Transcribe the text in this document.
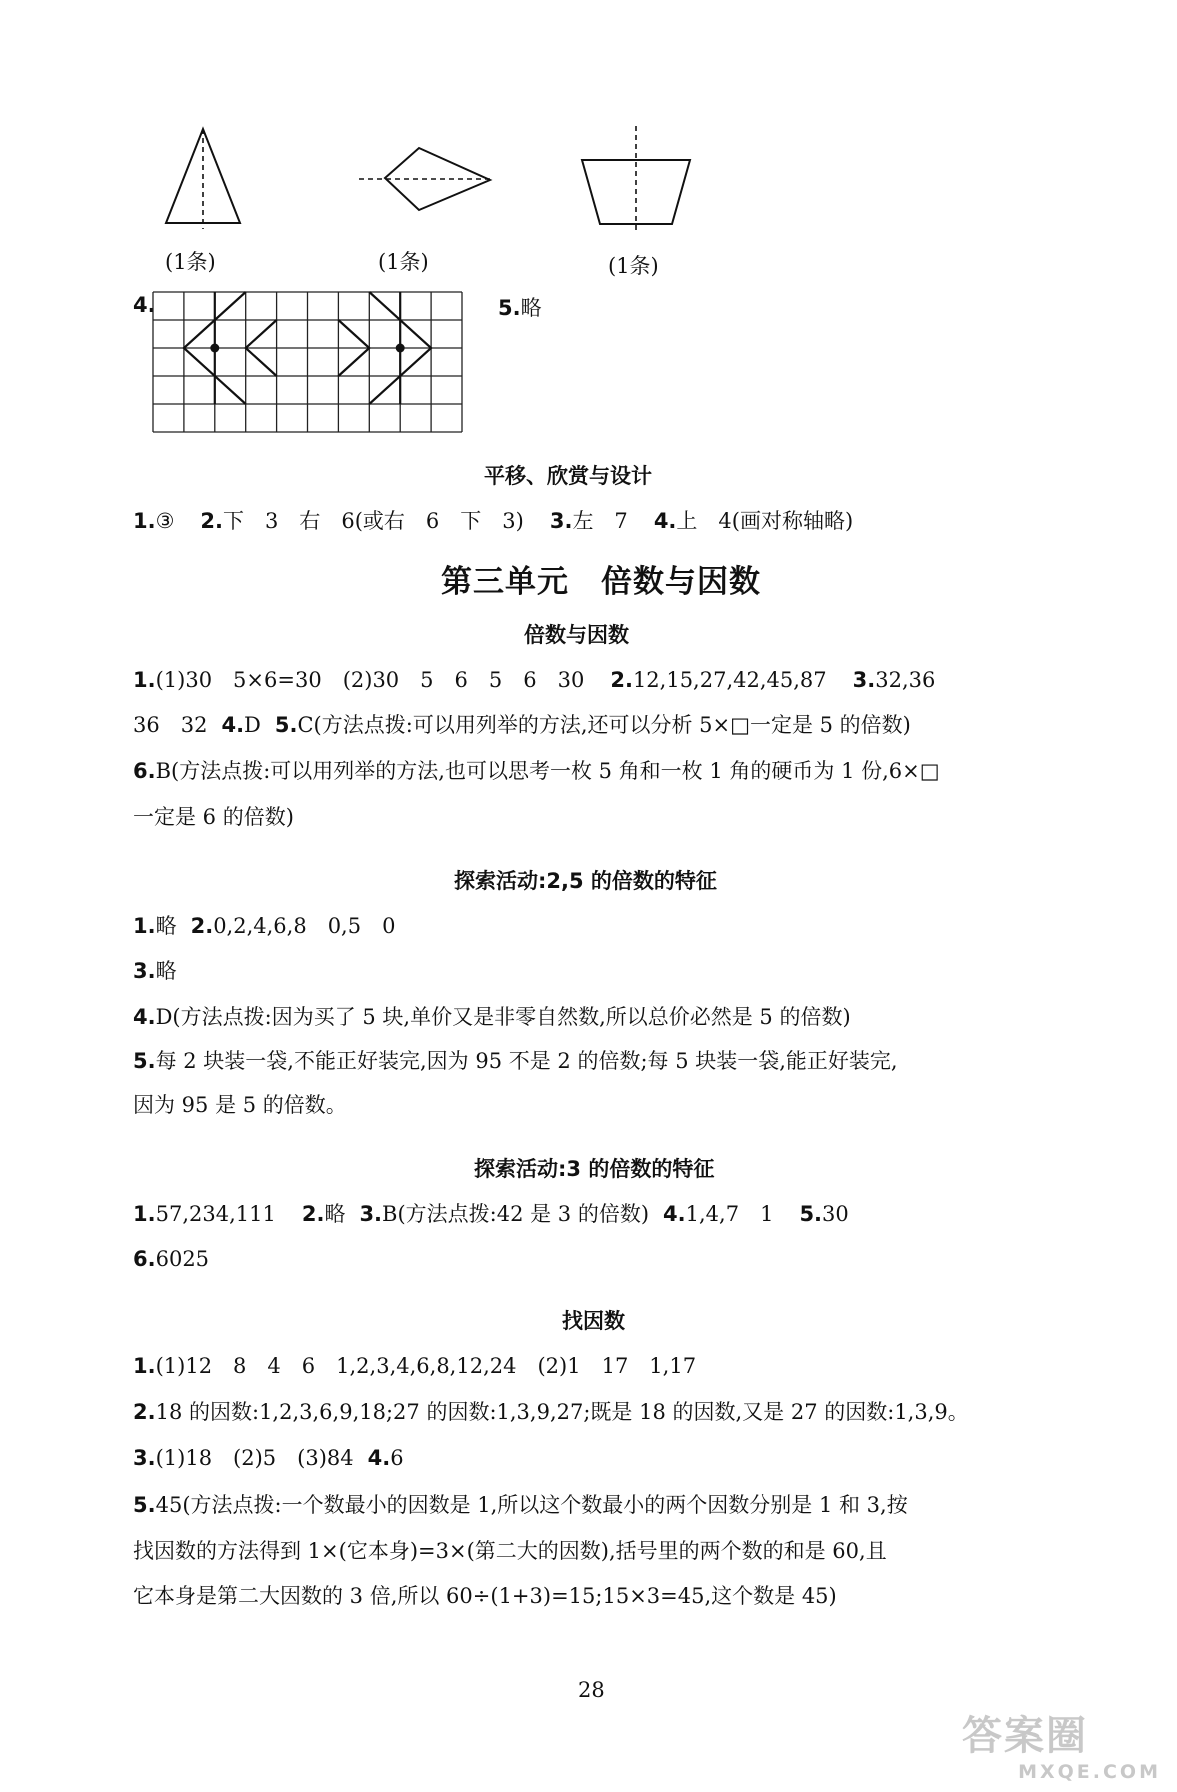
(1条)	(1条)	(1条)
4.	5.略
平移、欣赏与设计
1.③ 2.下　3　右　6(或右　6　下　3) 3.左　7 4.上　4(画对称轴略)
第三单元　倍数与因数
倍数与因数
1.(1)30　5×6=30　(2)30　5　6　5　6　30 2.12,15,27,42,45,87 3.32,36
36　32 4.D 5.C(方法点拨:可以用列举的方法,还可以分析 5×□一定是 5 的倍数)
6.B(方法点拨:可以用列举的方法,也可以思考一枚 5 角和一枚 1 角的硬币为 1 份,6×□
一定是 6 的倍数)
探索活动:2,5 的倍数的特征
1.略 2.0,2,4,6,8　0,5　0
3.略
4.D(方法点拨:因为买了 5 块,单价又是非零自然数,所以总价必然是 5 的倍数)
5.每 2 块装一袋,不能正好装完,因为 95 不是 2 的倍数;每 5 块装一袋,能正好装完,
因为 95 是 5 的倍数。
探索活动:3 的倍数的特征
1.57,234,111 2.略 3.B(方法点拨:42 是 3 的倍数) 4.1,4,7　1 5.30
6.6025
找因数
1.(1)12　8　4　6　1,2,3,4,6,8,12,24　(2)1　17　1,17
2.18 的因数:1,2,3,6,9,18;27 的因数:1,3,9,27;既是 18 的因数,又是 27 的因数:1,3,9。
3.(1)18　(2)5　(3)84 4.6
5.45(方法点拨:一个数最小的因数是 1,所以这个数最小的两个因数分别是 1 和 3,按
找因数的方法得到 1×(它本身)=3×(第二大的因数),括号里的两个数的和是 60,且
它本身是第二大因数的 3 倍,所以 60÷(1+3)=15;15×3=45,这个数是 45)
28
答案圈
MXQE.COM
